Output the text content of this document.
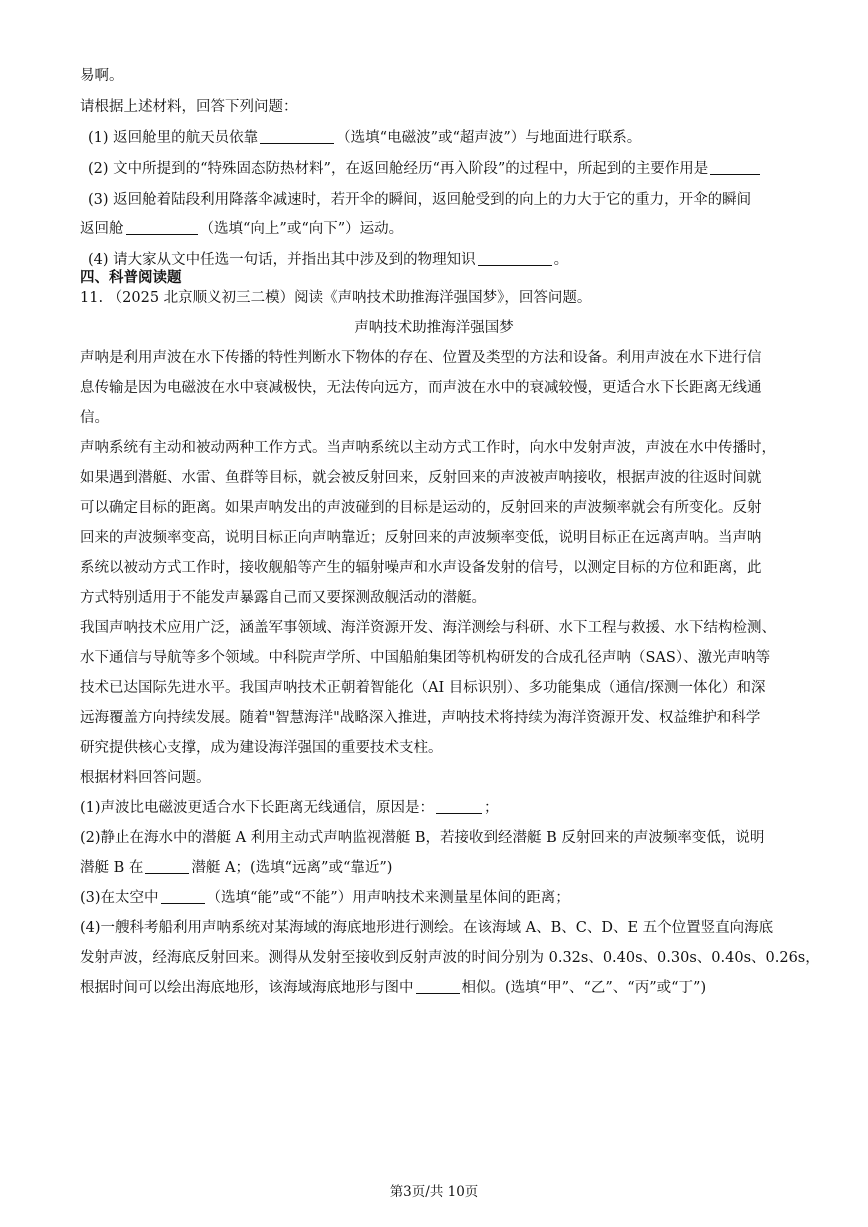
易啊。
请根据上述材料，回答下列问题：
(1) 返回舱里的航天员依靠	（选填“电磁波”或“超声波”）与地面进行联系。
(2) 文中所提到的“特殊固态防热材料”，在返回舱经历“再入阶段”的过程中，所起到的主要作用是
(3) 返回舱着陆段利用降落伞减速时，若开伞的瞬间，返回舱受到的向上的力大于它的重力，开伞的瞬间
返回舱	（选填“向上”或“向下”）运动。
(4) 请大家从文中任选一句话，并指出其中涉及到的物理知识	。
四、科普阅读题
11. （2025 北京顺义初三二模）阅读《声呐技术助推海洋强国梦》，回答问题。
声呐技术助推海洋强国梦
声呐是利用声波在水下传播的特性判断水下物体的存在、位置及类型的方法和设备。利用声波在水下进行信
息传输是因为电磁波在水中衰减极快，无法传向远方，而声波在水中的衰减较慢，更适合水下长距离无线通
信。
声呐系统有主动和被动两种工作方式。当声呐系统以主动方式工作时，向水中发射声波，声波在水中传播时，
如果遇到潜艇、水雷、鱼群等目标，就会被反射回来，反射回来的声波被声呐接收，根据声波的往返时间就
可以确定目标的距离。如果声呐发出的声波碰到的目标是运动的，反射回来的声波频率就会有所变化。反射
回来的声波频率变高，说明目标正向声呐靠近；反射回来的声波频率变低，说明目标正在远离声呐。当声呐
系统以被动方式工作时，接收舰船等产生的辐射噪声和水声设备发射的信号，以测定目标的方位和距离，此
方式特别适用于不能发声暴露自己而又要探测敌舰活动的潜艇。
我国声呐技术应用广泛，涵盖军事领域、海洋资源开发、海洋测绘与科研、水下工程与救援、水下结构检测、
水下通信与导航等多个领域。中科院声学所、中国船舶集团等机构研发的合成孔径声呐（SAS）、激光声呐等
技术已达国际先进水平。我国声呐技术正朝着智能化（AI 目标识别）、多功能集成（通信/探测一体化）和深
远海覆盖方向持续发展。随着"智慧海洋"战略深入推进，声呐技术将持续为海洋资源开发、权益维护和科学
研究提供核心支撑，成为建设海洋强国的重要技术支柱。
根据材料回答问题。
(1)声波比电磁波更适合水下长距离无线通信，原因是：	；
(2)静止在海水中的潜艇 A 利用主动式声呐监视潜艇 B，若接收到经潜艇 B 反射回来的声波频率变低，说明
潜艇 B 在	潜艇 A；(选填“远离”或“靠近”)
(3)在太空中	（选填“能”或“不能”）用声呐技术来测量星体间的距离；
(4)一艘科考船利用声呐系统对某海域的海底地形进行测绘。在该海域 A、B、C、D、E 五个位置竖直向海底
发射声波，经海底反射回来。测得从发射至接收到反射声波的时间分别为 0.32s、0.40s、0.30s、0.40s、0.26s，
根据时间可以绘出海底地形，该海域海底地形与图中	相似。(选填“甲”、“乙”、“丙”或“丁”)
第3页/共 10页
